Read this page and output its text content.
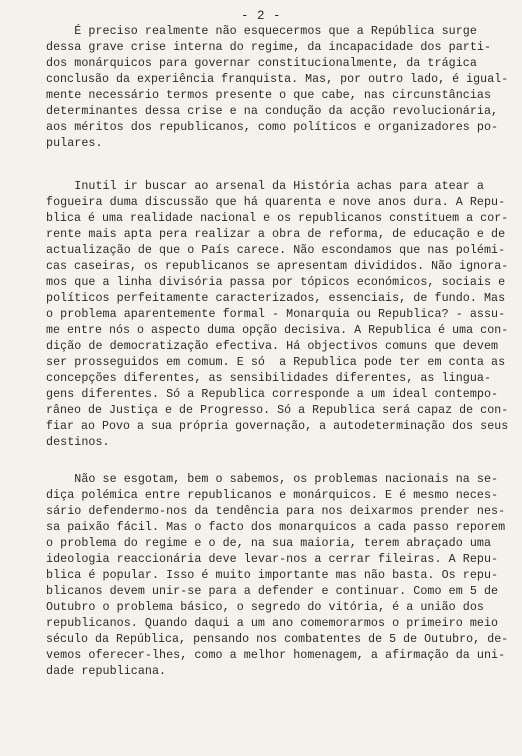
- 2 -
É preciso realmente não esquecermos que a República surge
dessa grave crise interna do regime, da incapacidade dos parti-
dos monárquicos para governar constitucionalmente, da trágica
conclusão da experiência franquista. Mas, por outro lado, é igual-
mente necessário termos presente o que cabe, nas circunstâncias
determinantes dessa crise e na condução da acção revolucionária,
aos méritos dos republicanos, como políticos e organizadores po-
pulares.
Inutil ir buscar ao arsenal da História achas para atear a
fogueira duma discussão que há quarenta e nove anos dura. A Repu-
blica é uma realidade nacional e os republicanos constituem a cor-
rente mais apta pera realizar a obra de reforma, de educação e de
actualização de que o País carece. Não escondamos que nas polémi-
cas caseiras, os republicanos se apresentam divididos. Não ignora-
mos que a linha divisória passa por tópicos económicos, sociais e
políticos perfeitamente caracterizados, essenciais, de fundo. Mas
o problema aparentemente formal - Monarquia ou Republica? - assu-
me entre nós o aspecto duma opção decisiva. A Republica é uma con-
dição de democratização efectiva. Há objectivos comuns que devem
ser prosseguidos em comum. E só  a Republica pode ter em conta as
concepções diferentes, as sensibilidades diferentes, as lingua-
gens diferentes. Só a Republica corresponde a um ideal contempo-
râneo de Justiça e de Progresso. Só a Republica será capaz de con-
fiar ao Povo a sua própria governação, a autodeterminação dos seus
destinos.
Não se esgotam, bem o sabemos, os problemas nacionais na se-
diça polémica entre republicanos e monárquicos. E é mesmo neces-
sário defendermo-nos da tendência para nos deixarmos prender nes-
sa paixão fácil. Mas o facto dos monarquicos a cada passo reporem
o problema do regime e o de, na sua maioria, terem abraçado uma
ideologia reaccionária deve levar-nos a cerrar fileiras. A Repu-
blica é popular. Isso é muito importante mas não basta. Os repu-
blicanos devem unir-se para a defender e continuar. Como em 5 de
Outubro o problema básico, o segredo do vitória, é a união dos
republicanos. Quando daqui a um ano comemorarmos o primeiro meio
século da República, pensando nos combatentes de 5 de Outubro, de-
vemos oferecer-lhes, como a melhor homenagem, a afirmação da uni-
dade republicana.
